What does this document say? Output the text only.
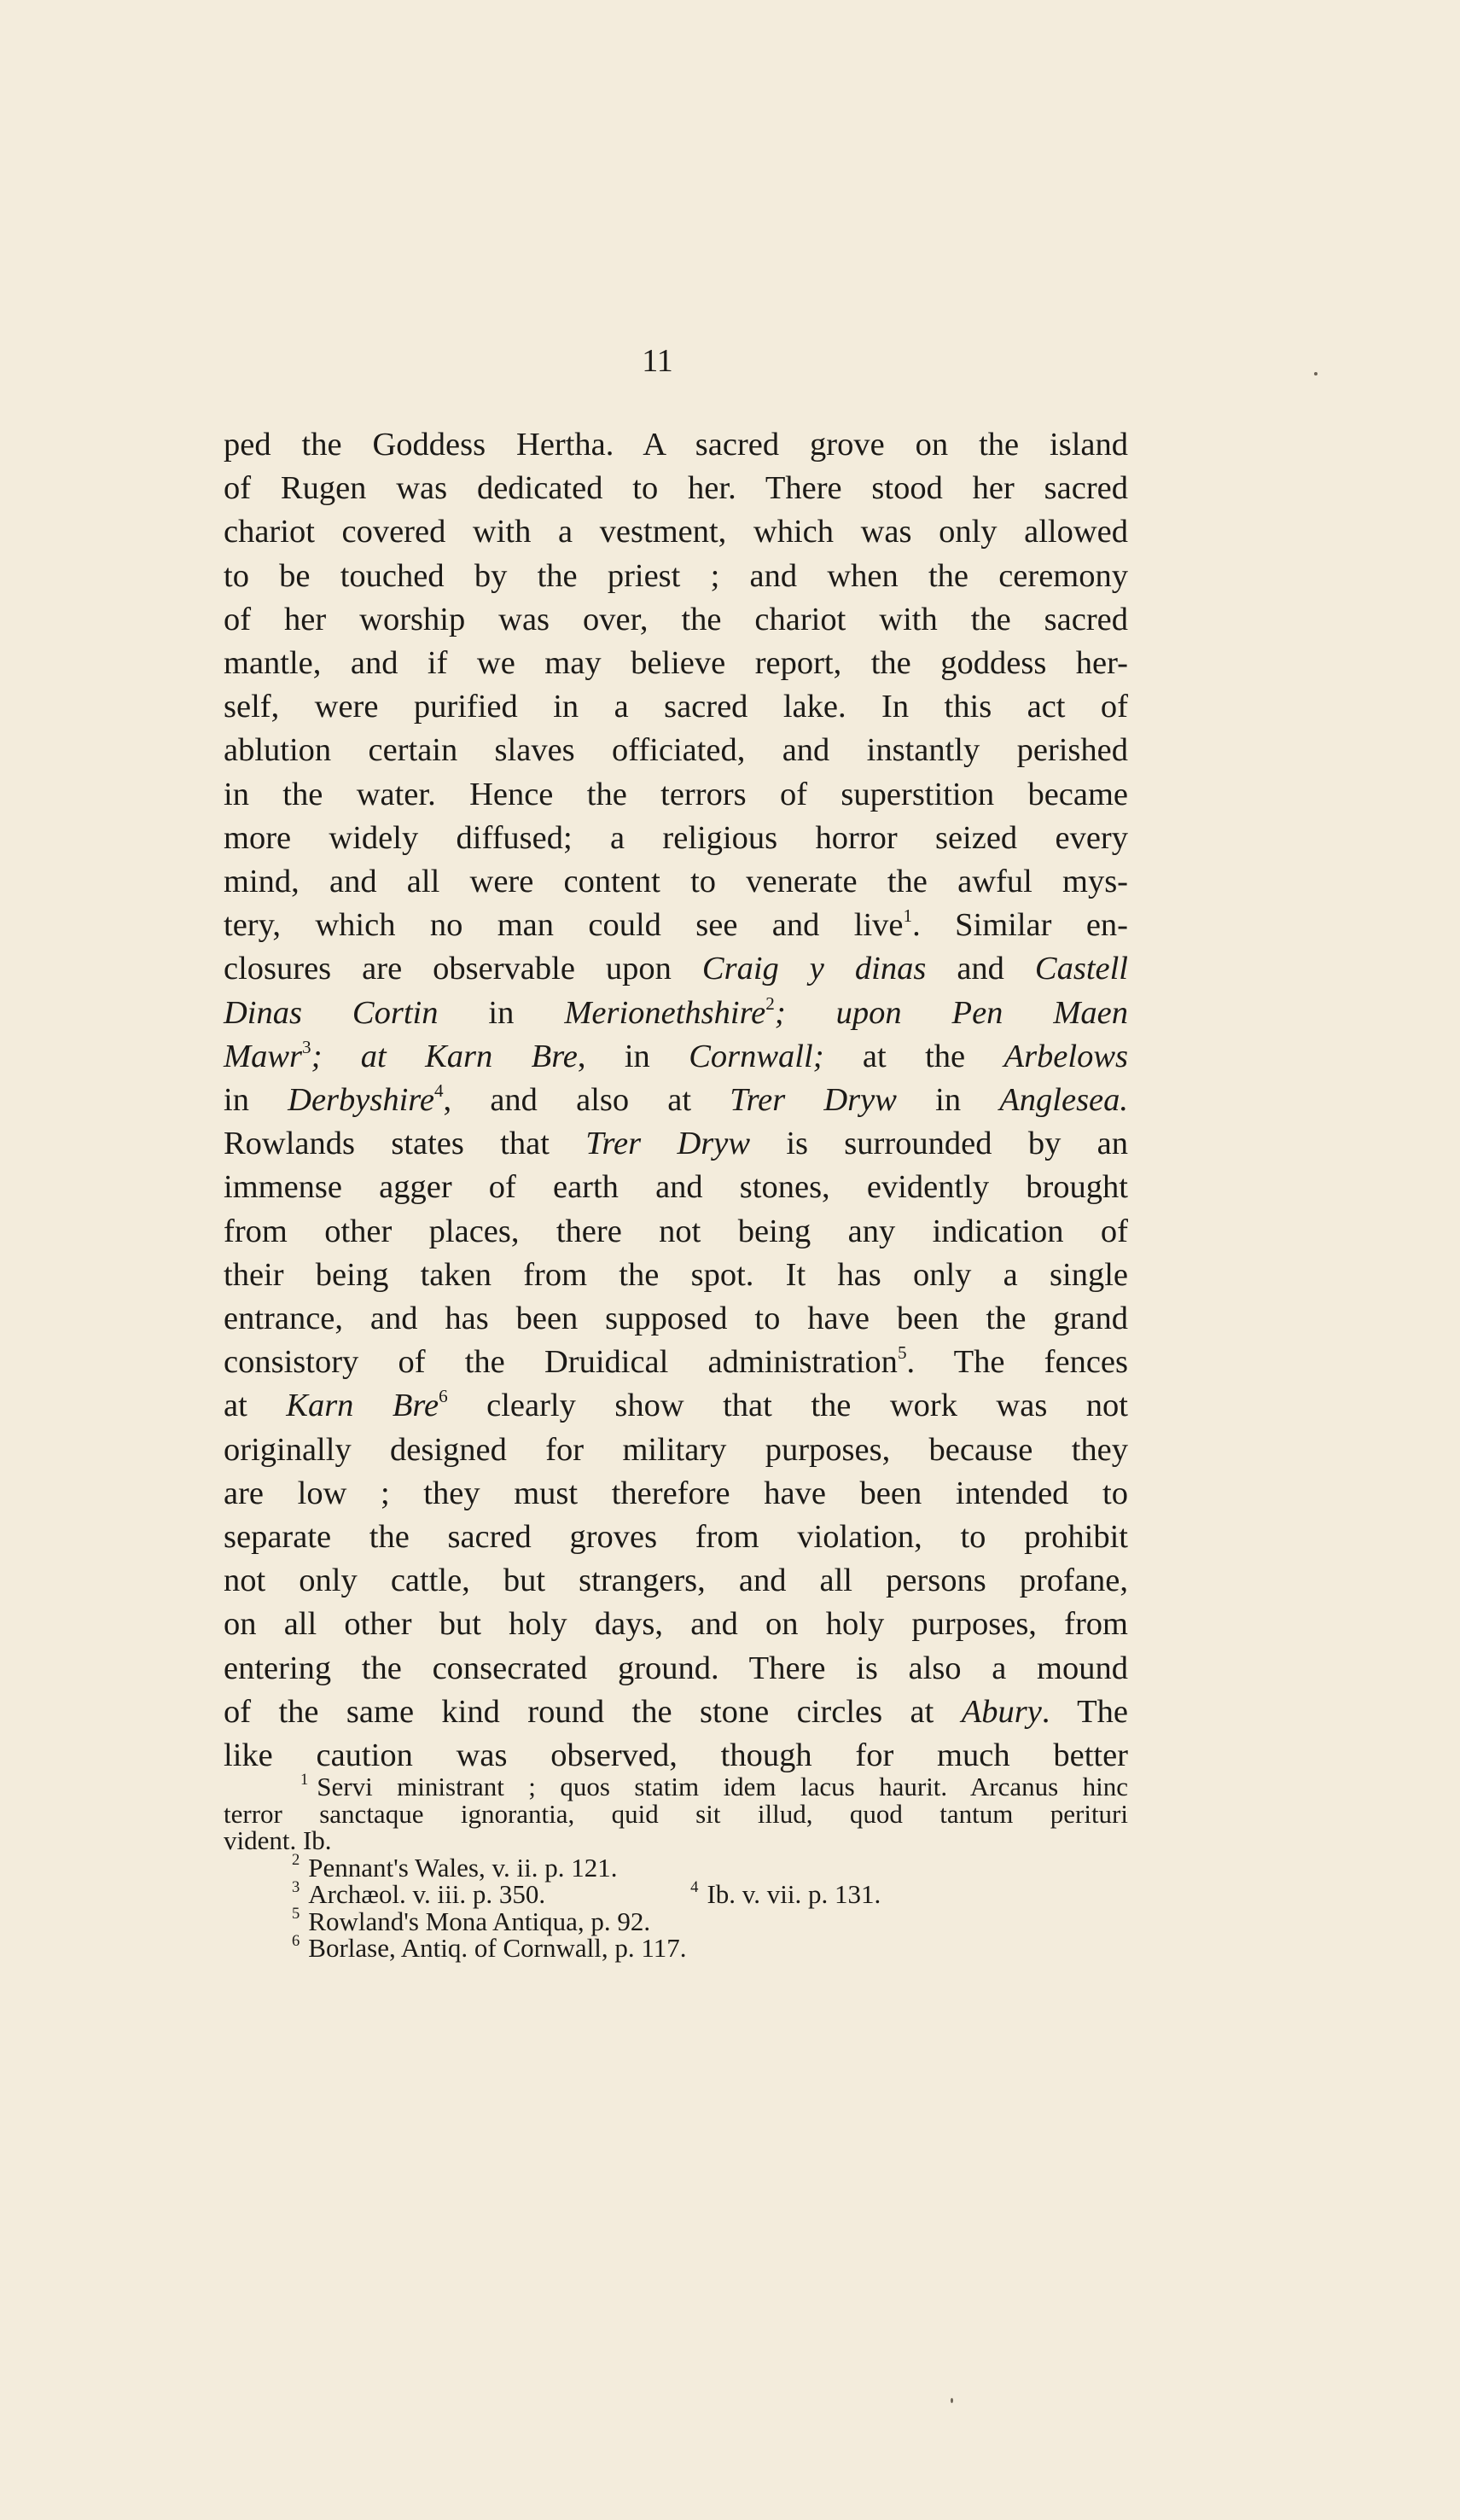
11
ped the Goddess Hertha. A sacred grove on the island
of Rugen was dedicated to her. There stood her sacred
chariot covered with a vestment, which was only allowed
to be touched by the priest ; and when the ceremony
of her worship was over, the chariot with the sacred
mantle, and if we may believe report, the goddess her-
self, were purified in a sacred lake. In this act of
ablution certain slaves officiated, and instantly perished
in the water. Hence the terrors of superstition became
more widely diffused; a religious horror seized every
mind, and all were content to venerate the awful mys-
tery, which no man could see and live$^1$. Similar en-
closures are observable upon Craig y dinas and Castell
Dinas Cortin in Merionethshire$^2$; upon Pen Maen
Mawr$^3$; at Karn Bre, in Cornwall; at the Arbelows
in Derbyshire$^4$, and also at Trer Dryw in Anglesea.
Rowlands states that Trer Dryw is surrounded by an
immense agger of earth and stones, evidently brought
from other places, there not being any indication of
their being taken from the spot. It has only a single
entrance, and has been supposed to have been the grand
consistory of the Druidical administration$^5$. The fences
at Karn Bre$^6$ clearly show that the work was not
originally designed for military purposes, because they
are low ; they must therefore have been intended to
separate the sacred groves from violation, to prohibit
not only cattle, but strangers, and all persons profane,
on all other but holy days, and on holy purposes, from
entering the consecrated ground. There is also a mound
of the same kind round the stone circles at Abury. The
like caution was observed, though for much better
$^1$ Servi ministrant ; quos statim idem lacus haurit. Arcanus hinc
terror sanctaque ignorantia, quid sit illud, quod tantum perituri
vident. Ib.
$^2$ Pennant's Wales, v. ii. p. 121.
$^3$ Archæol. v. iii. p. 350.	$^4$ Ib. v. vii. p. 131.
$^5$ Rowland's Mona Antiqua, p. 92.
$^6$ Borlase, Antiq. of Cornwall, p. 117.
